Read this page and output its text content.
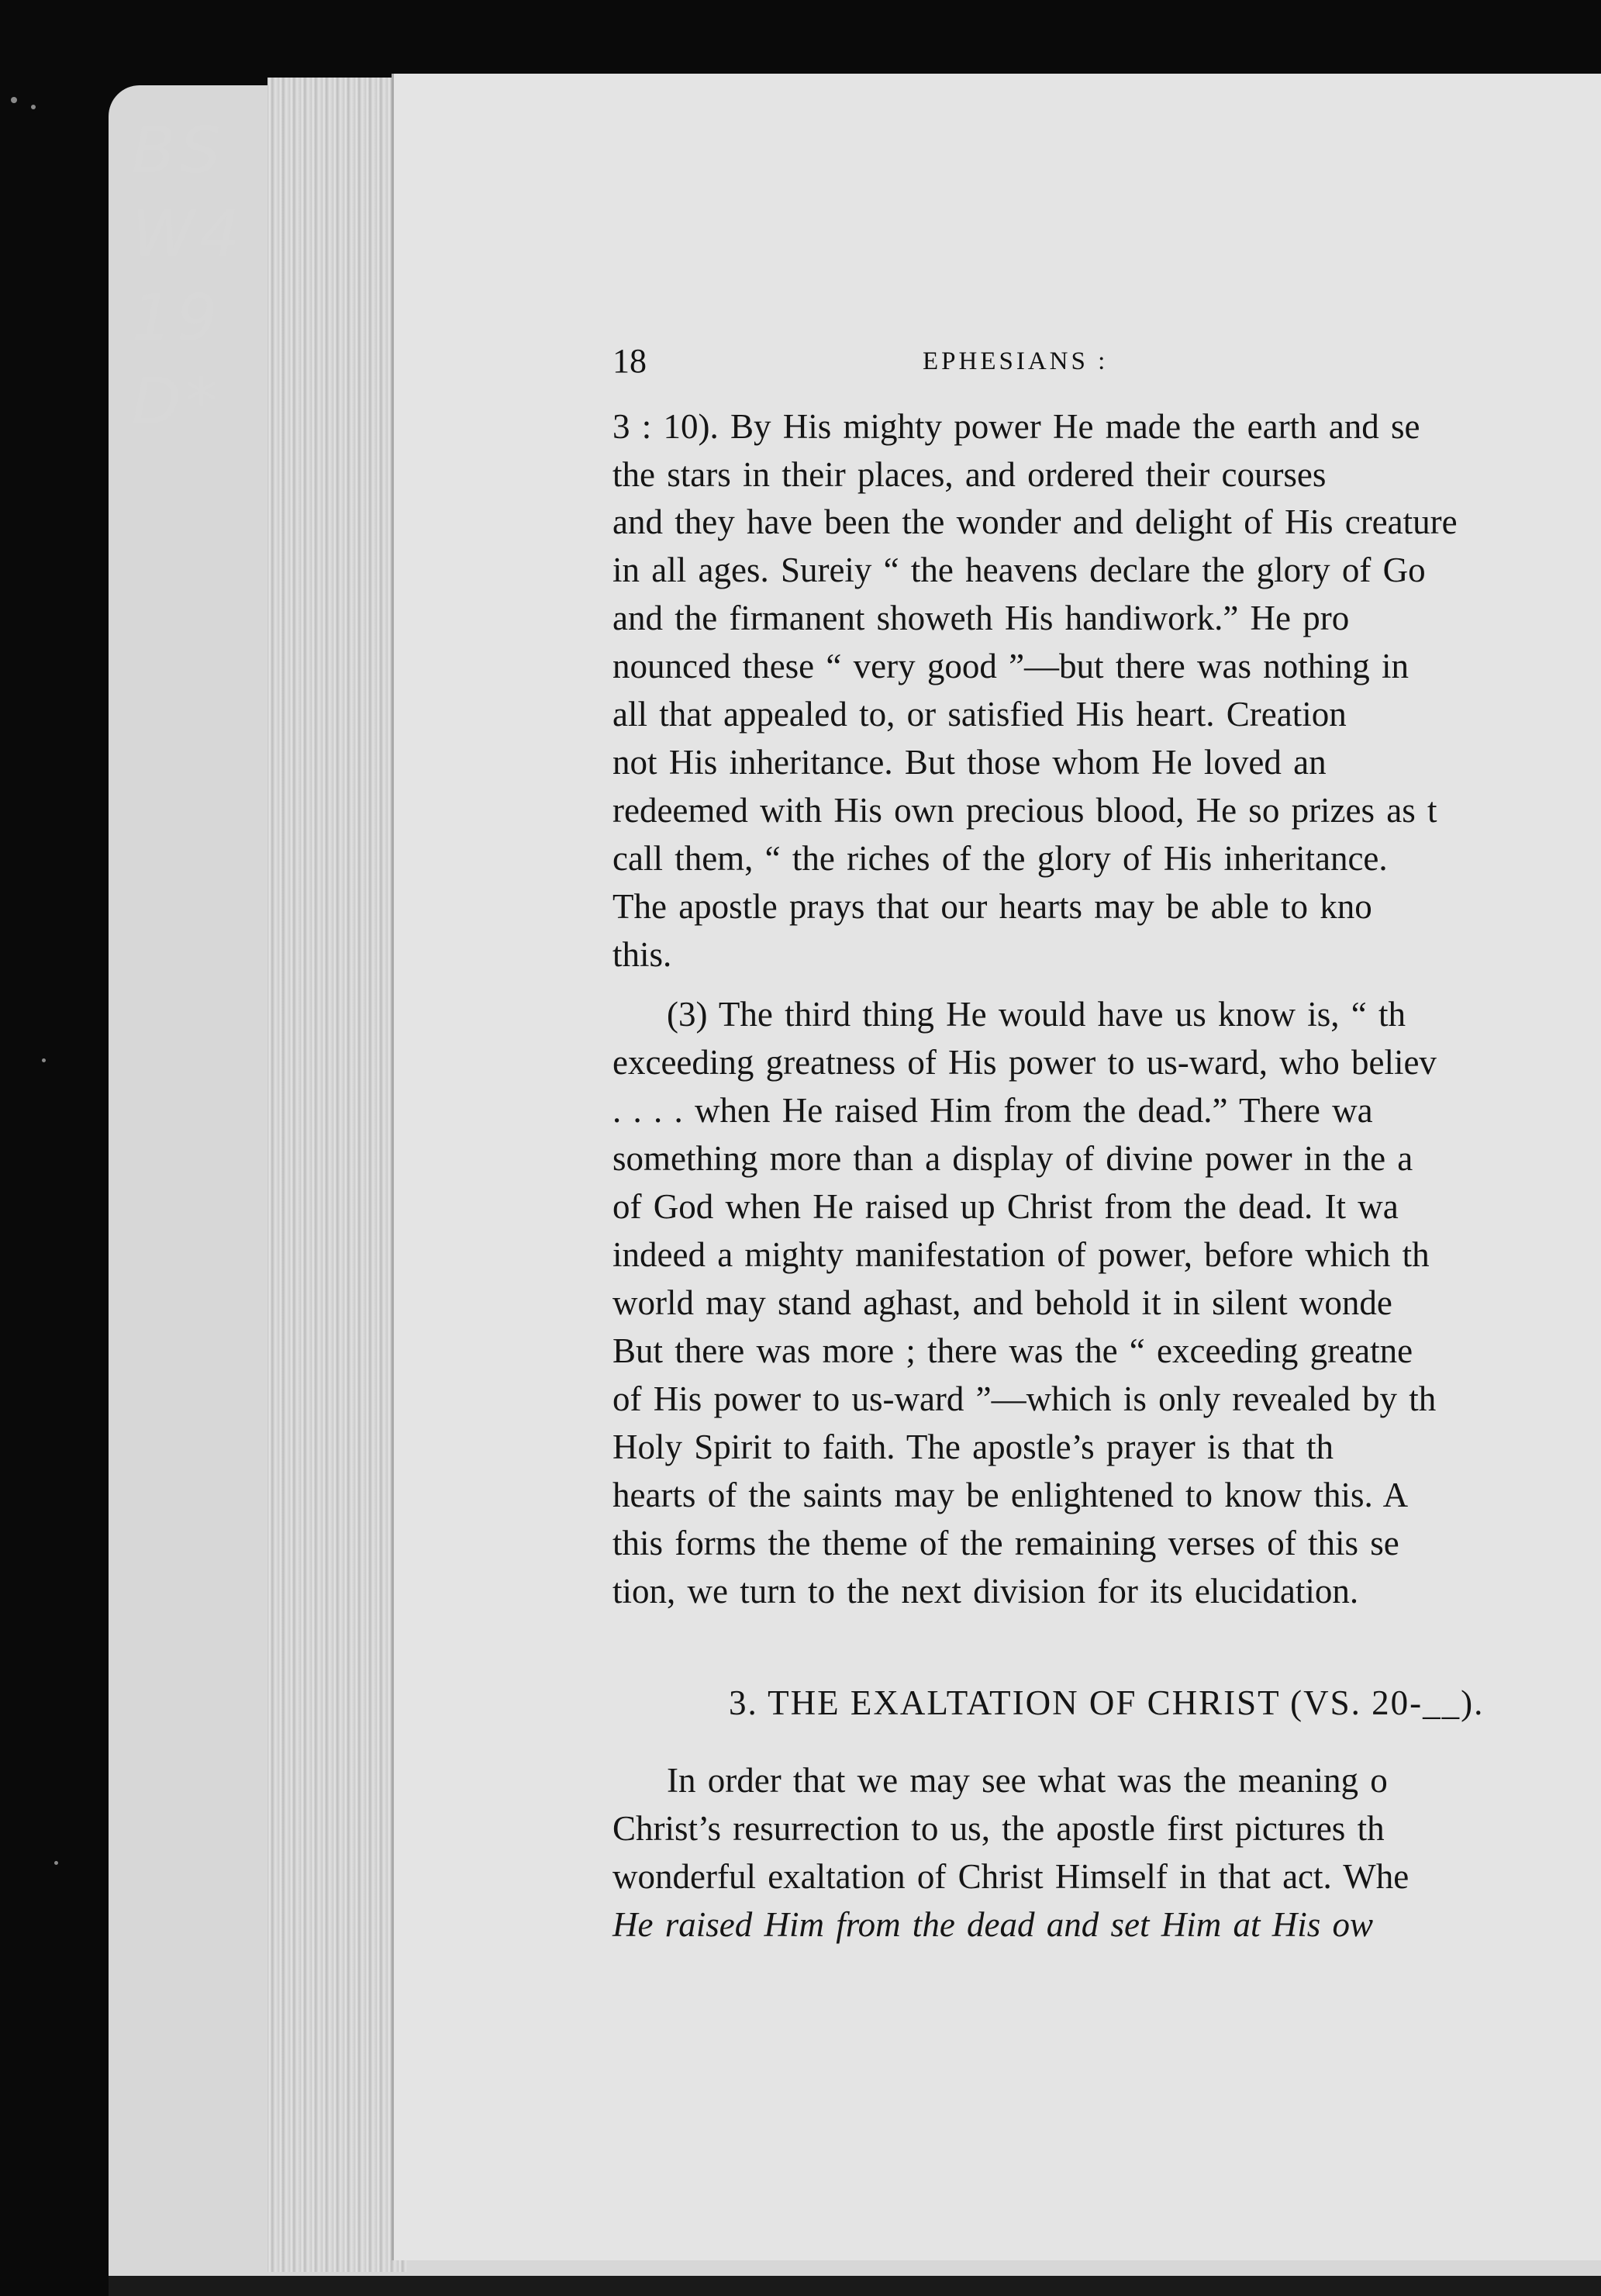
BS
W4
19
D*
18	EPHESIANS :
3 : 10). By His mighty power He made the earth and se
the stars in their places, and ordered their courses
and they have been the wonder and delight of His creature
in all ages. Sureiy “ the heavens declare the glory of Go
and the firmanent showeth His handiwork.” He pro
nounced these “ very good ”—but there was nothing in
all that appealed to, or satisfied His heart. Creation
not His inheritance. But those whom He loved an
redeemed with His own precious blood, He so prizes as t
call them, “ the riches of the glory of His inheritance.
The apostle prays that our hearts may be able to kno
this.
(3) The third thing He would have us know is, “ th
exceeding greatness of His power to us-ward, who believ
. . . . when He raised Him from the dead.” There wa
something more than a display of divine power in the a
of God when He raised up Christ from the dead. It wa
indeed a mighty manifestation of power, before which th
world may stand aghast, and behold it in silent wonde
But there was more ; there was the “ exceeding greatne
of His power to us-ward ”—which is only revealed by th
Holy Spirit to faith. The apostle’s prayer is that th
hearts of the saints may be enlightened to know this. A
this forms the theme of the remaining verses of this se
tion, we turn to the next division for its elucidation.
3. THE EXALTATION OF CHRIST (VS. 20-__).
In order that we may see what was the meaning o
Christ’s resurrection to us, the apostle first pictures th
wonderful exaltation of Christ Himself in that act. Whe
He raised Him from the dead and set Him at His ow
